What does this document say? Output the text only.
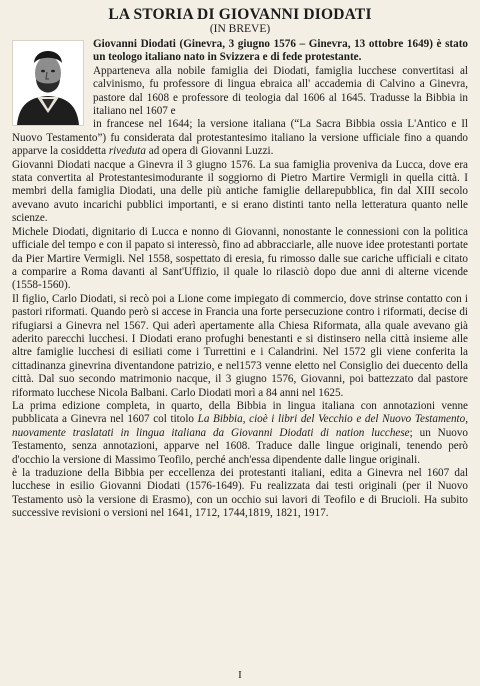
LA STORIA DI GIOVANNI DIODATI
(IN BREVE)

Giovanni Diodati (Ginevra, 3 giugno 1576 – Ginevra, 13 ottobre 1649) è stato un teologo italiano nato in Svizzera e di fede protestante.

Apparteneva alla nobile famiglia dei Diodati, famiglia lucchese convertitasi al calvinismo, fu professore di lingua ebraica all' accademia di Calvino a Ginevra, pastore dal 1608 e professore di teologia dal 1606 al 1645. Tradusse la Bibbia in italiano nel 1607 e

in francese nel 1644; la versione italiana (“La Sacra Bibbia ossia L'Antico e Il Nuovo Testamento”) fu considerata dal protestantesimo italiano la versione ufficiale fino a quando apparve la cosiddetta riveduta ad opera di Giovanni Luzzi.

Giovanni Diodati nacque a Ginevra il 3 giugno 1576. La sua famiglia proveniva da Lucca, dove era stata convertita al Protestantesimodurante il soggiorno di Pietro Martire Vermigli in quella città. I membri della famiglia Diodati, una delle più antiche famiglie dellarepubblica, fin dal XIII secolo avevano avuto incarichi pubblici importanti, e si erano distinti tanto nella letteratura quanto nelle scienze.

Michele Diodati, dignitario di Lucca e nonno di Giovanni, nonostante le connessioni con la politica ufficiale del tempo e con il papato si interessò, fino ad abbracciarle, alle nuove idee protestanti portate da Pier Martire Vermigli. Nel 1558, sospettato di eresia, fu rimosso dalle sue cariche ufficiali e citato a comparire a Roma davanti al Sant'Uffizio, il quale lo rilasciò dopo due anni di alterne vicende (1558-1560).

Il figlio, Carlo Diodati, si recò poi a Lione come impiegato di commercio, dove strinse contatto con i pastori riformati. Quando però si accese in Francia una forte persecuzione contro i riformati, decise di rifugiarsi a Ginevra nel 1567. Qui aderì apertamente alla Chiesa Riformata, alla quale avevano già aderito parecchi lucchesi. I Diodati erano profughi benestanti e si distinsero nella città insieme alle altre famiglie lucchesi di esiliati come i Turrettini e i Calandrini. Nel 1572 gli viene conferita la cittadinanza ginevrina diventandone patrizio, e nel1573 venne eletto nel Consiglio dei duecento della città. Dal suo secondo matrimonio nacque, il 3 giugno 1576, Giovanni, poi battezzato dal pastore riformato lucchese Nicola Balbani. Carlo Diodati morì a 84 anni nel 1625.

La prima edizione completa, in quarto, della Bibbia in lingua italiana con annotazioni venne pubblicata a Ginevra nel 1607 col titolo La Bibbia, cioè i libri del Vecchio e del Nuovo Testamento, nuovamente traslatati in lingua italiana da Giovanni Diodati di nation lucchese; un Nuovo Testamento, senza annotazioni, apparve nel 1608. Traduce dalle lingue originali, tenendo però d'occhio la versione di Massimo Teofilo, perché anch'essa dipendente dalle lingue originali.

è la traduzione della Bibbia per eccellenza dei protestanti italiani, edita a Ginevra nel 1607 dal lucchese in esilio Giovanni Diodati (1576-1649). Fu realizzata dai testi originali (per il Nuovo Testamento usò la versione di Erasmo), con un occhio sui lavori di Teofilo e di Brucioli. Ha subito successive revisioni o versioni nel 1641, 1712, 1744,1819, 1821, 1917.

I
